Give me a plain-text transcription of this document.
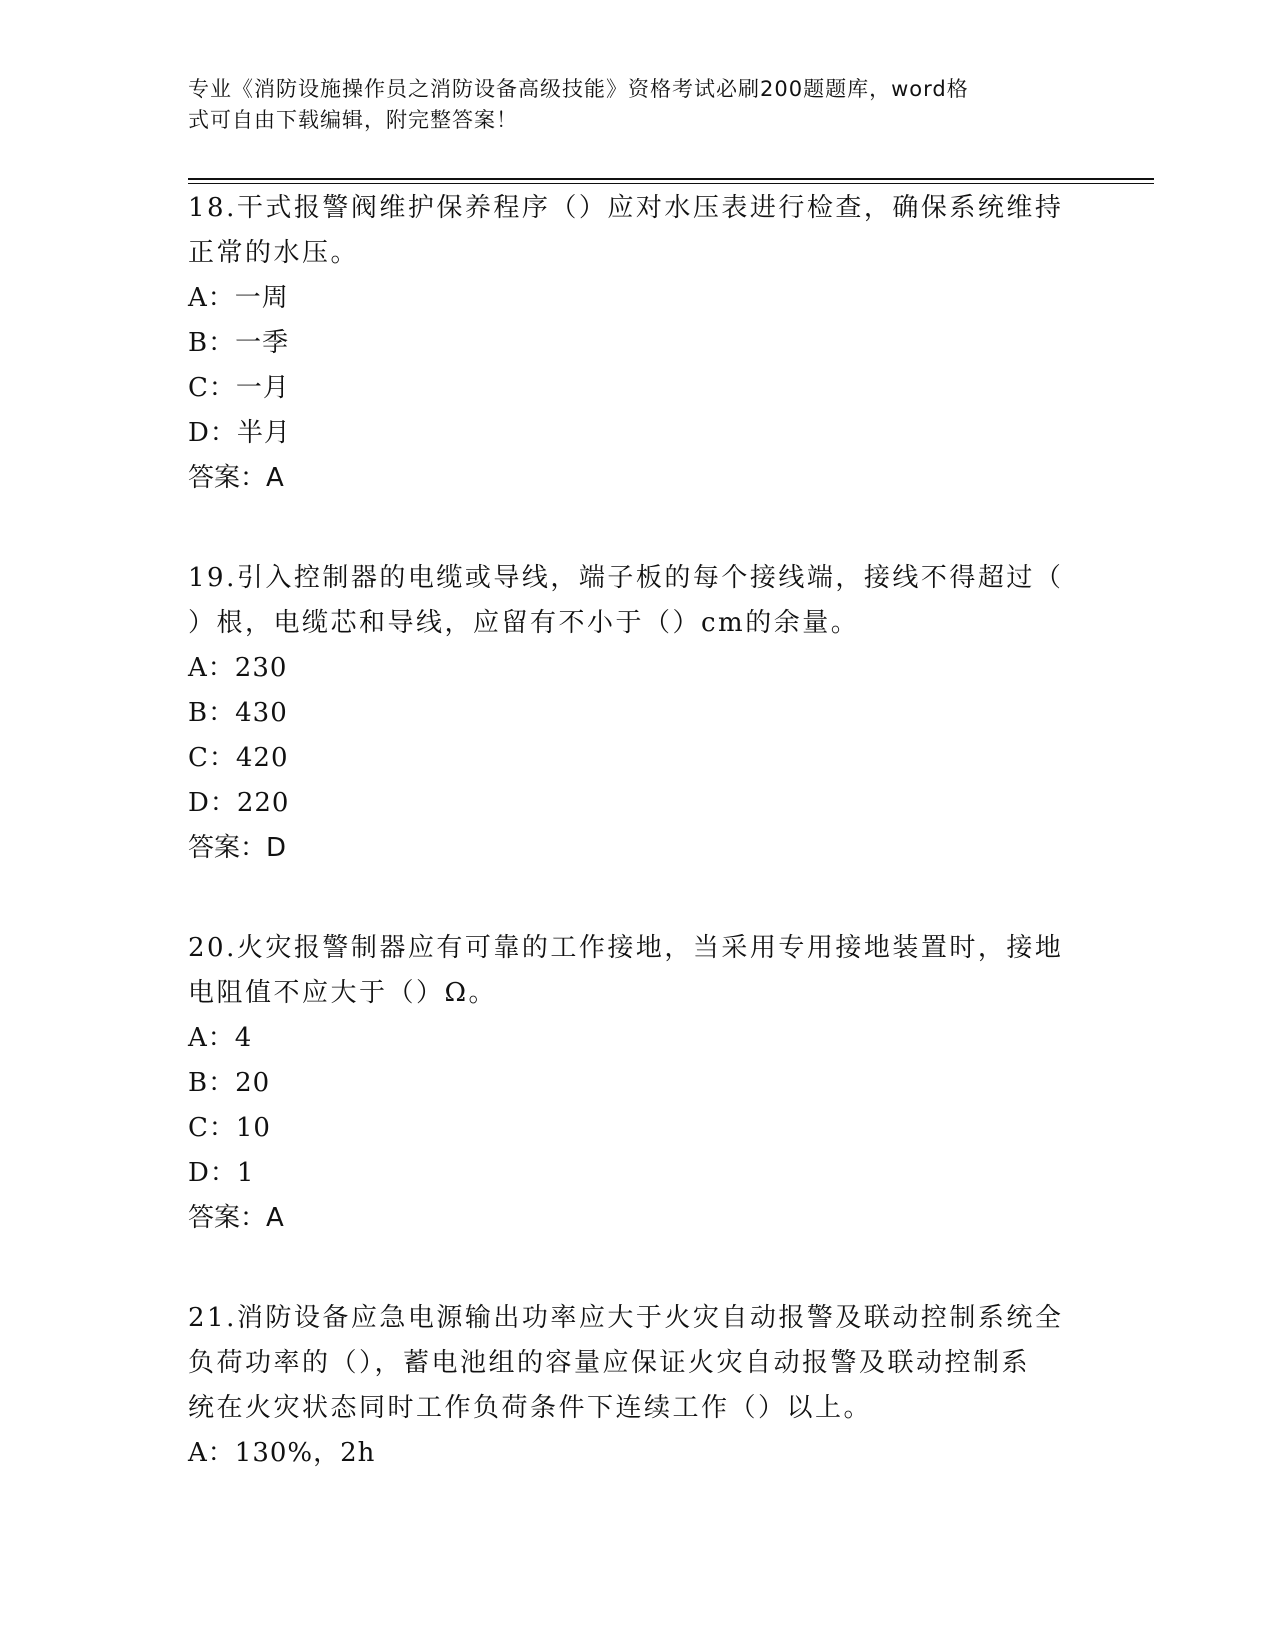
专业《消防设施操作员之消防设备高级技能》资格考试必刷200题题库，word格
式可自由下载编辑，附完整答案！

18.干式报警阀维护保养程序（）应对水压表进行检查，确保系统维持

正常的水压。

A：一周

B：一季

C：一月

D：半月

答案：A

19.引入控制器的电缆或导线，端子板的每个接线端，接线不得超过（

）根，电缆芯和导线，应留有不小于（）cm的余量。

A：230

B：430

C：420

D：220

答案：D

20.火灾报警制器应有可靠的工作接地，当采用专用接地装置时，接地

电阻值不应大于（）Ω。

A：4

B：20

C：10

D：1

答案：A

21.消防设备应急电源输出功率应大于火灾自动报警及联动控制系统全

负荷功率的（），蓄电池组的容量应保证火灾自动报警及联动控制系

统在火灾状态同时工作负荷条件下连续工作（）以上。

A：130%，2h
